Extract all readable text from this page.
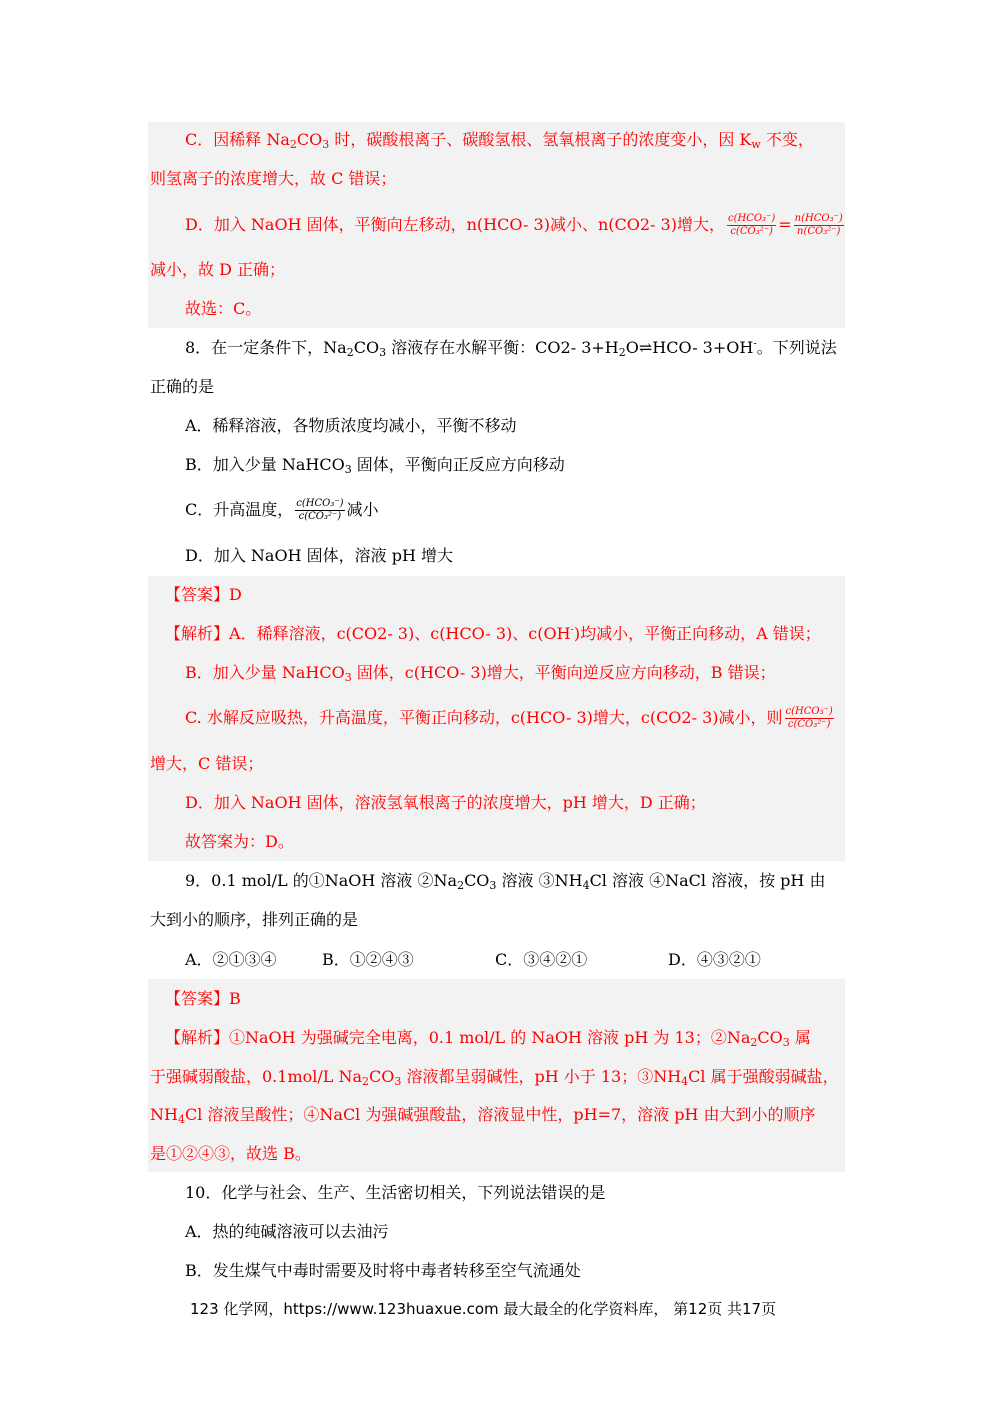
C．因稀释 $Na_2CO_3$ 时，碳酸根离子、碳酸氢根、氢氧根离子的浓度变小，因 $K_w$ 不变，
则氢离子的浓度增大，故 C 错误；
D．加入 NaOH 固体，平衡向左移动，n(HCO- 3)减小、n(CO2- 3)增大， $\frac{\text{c(HCO₃⁻)}}{\text{c(CO₃²⁻)}} = \frac{\text{n(HCO₃⁻)}}{\text{n(CO₃²⁻)}}$
减小，故 D 正确；
故选：C。
8．在一定条件下，$Na_2CO_3$ 溶液存在水解平衡：CO2- $3+H_2O\rightleftharpoons HCO-$ 3+OH-。下列说法
正确的是
A．稀释溶液，各物质浓度均减小，平衡不移动
B．加入少量 NaHCO$_3$ 固体，平衡向正反应方向移动
C．升高温度， $\frac{\text{c(HCO₃⁻)}}{\text{c(CO₃²⁻)}}$ 减小
D．加入 NaOH 固体，溶液 pH 增大
【答案】D
【解析】A．稀释溶液，c(CO2- 3)、c(HCO- 3)、c(OH-)均减小，平衡正向移动，A 错误；
B．加入少量 NaHCO$_3$ 固体，c(HCO- 3)增大，平衡向逆反应方向移动，B 错误；
C. 水解反应吸热，升高温度，平衡正向移动，c(HCO- 3)增大，c(CO2- 3)减小，则 $\frac{\text{c(HCO₃⁻)}}{\text{c(CO₃²⁻)}}$
增大，C 错误；
D．加入 NaOH 固体，溶液氢氧根离子的浓度增大，pH 增大，D 正确；
故答案为：D。
9．0.1 mol/L 的①NaOH 溶液 $②Na_2CO_3$ 溶液 $③NH_4Cl$ 溶液 ④NaCl 溶液，按 pH 由
大到小的顺序，排列正确的是
A．②①③④	B．①②④③	C．③④②①	D．④③②①
【答案】B
【解析】①NaOH 为强碱完全电离，0.1 mol/L 的 NaOH 溶液 pH 为 13；$②Na_2CO_3$ 属
于强碱弱酸盐，0.1mol/L $Na_2CO_3$ 溶液都呈弱碱性，pH 小于 13；$③NH_4Cl$ 属于强酸弱碱盐，
$NH_4Cl$ 溶液呈酸性；④NaCl 为强碱强酸盐，溶液显中性，pH=7，溶液 pH 由大到小的顺序
是①②④③，故选 B。
10．化学与社会、生产、生活密切相关，下列说法错误的是
A．热的纯碱溶液可以去油污
B．发生煤气中毒时需要及时将中毒者转移至空气流通处
123 化学网，https://www.123huaxue.com 最大最全的化学资料库， 第12页 共17页
